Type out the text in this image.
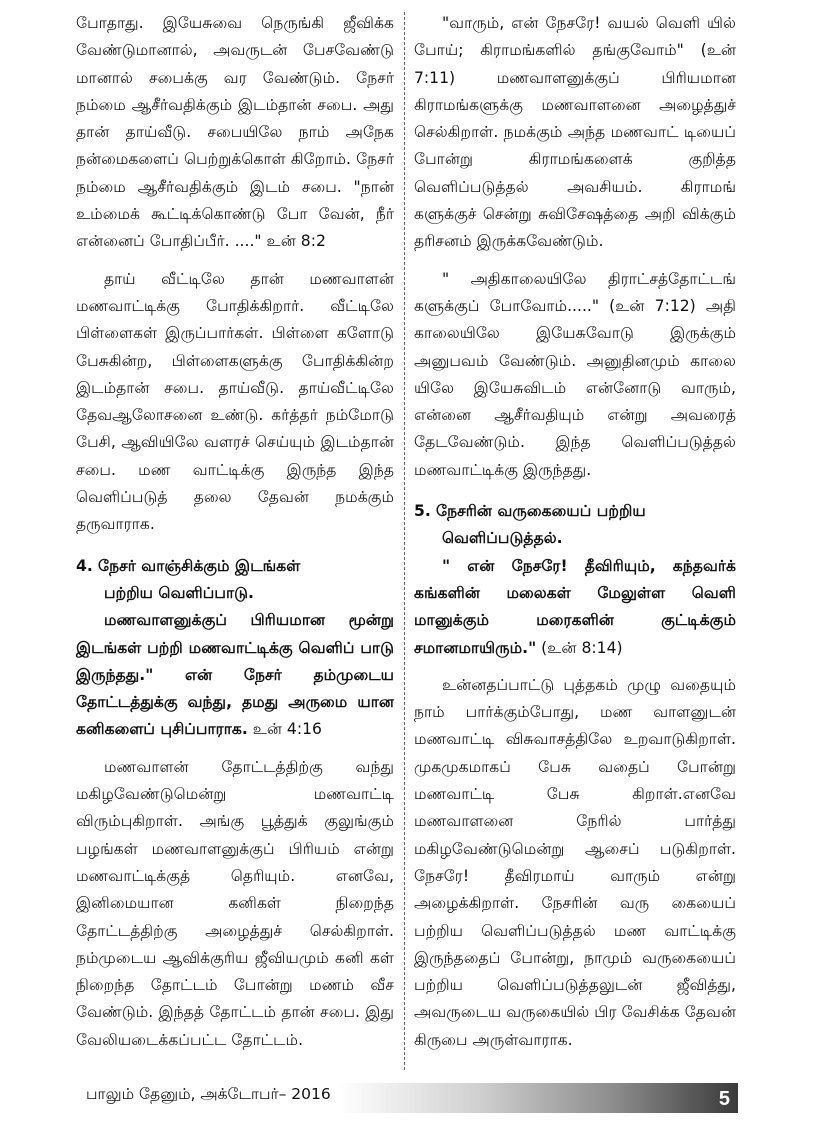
போதாது. இயேசுவை நெருங்கி ஜீவிக்க வேண்டுமானால், அவருடன் பேசவேண்டு மானால் சபைக்கு வர வேண்டும். நேசர் நம்மை ஆசீர்வதிக்கும் இடம்தான் சபை. அது தான் தாய்வீடு. சபையிலே நாம் அநேக நன்மைகளைப் பெற்றுக்கொள் கிறோம். நேசர் நம்மை ஆசீர்வதிக்கும் இடம் சபை. "நான் உம்மைக் கூட்டிக்கொண்டு போ வேன், நீர் என்னைப் போதிப்பீர். ...." உன் 8:2

தாய் வீட்டிலே தான் மணவாளன் மணவாட்டிக்கு போதிக்கிறார். வீட்டிலே பிள்ளைகள் இருப்பார்கள். பிள்ளை களோடு பேசுகின்ற, பிள்ளைகளுக்கு போதிக்கின்ற இடம்தான் சபை. தாய்வீடு. தாய்வீட்டிலே தேவஆலோசனை உண்டு. கர்த்தர் நம்மோடு பேசி, ஆவியிலே வளரச் செய்யும் இடம்தான் சபை. மண வாட்டிக்கு இருந்த இந்த வெளிப்படுத் தலை தேவன் நமக்கும் தருவாராக.

4. நேசர் வாஞ்சிக்கும் இடங்கள்

பற்றிய வெளிப்பாடு.

மணவாளனுக்குப் பிரியமான மூன்று இடங்கள் பற்றி மணவாட்டிக்கு வெளிப் பாடு இருந்தது." என் நேசர் தம்முடைய தோட்டத்துக்கு வந்து, தமது அருமை யான கனிகளைப் புசிப்பாராக. உன் 4:16

மணவாளன் தோட்டத்திற்கு வந்து மகிழவேண்டுமென்று மணவாட்டி விரும்புகிறாள். அங்கு பூத்துக் குலுங்கும் பழங்கள் மணவாளனுக்குப் பிரியம் என்று மணவாட்டிக்குத் தெரியும். எனவே, இனிமையான கனிகள் நிறைந்த தோட்டத்திற்கு அழைத்துச் செல்கிறாள். நம்முடைய ஆவிக்குரிய ஜீவியமும் கனி கள் நிறைந்த தோட்டம் போன்று மணம் வீச வேண்டும். இந்தத் தோட்டம் தான் சபை. இது வேலியடைக்கப்பட்ட தோட்டம்.

"வாரும், என் நேசரே! வயல் வெளி யில் போய்; கிராமங்களில் தங்குவோம்" (உன் 7:11) மணவாளனுக்குப் பிரியமான கிராமங்களுக்கு மணவாளனை அழைத்துச் செல்கிறாள். நமக்கும் அந்த மணவாட் டியைப் போன்று கிராமங்களைக் குறித்த வெளிப்படுத்தல் அவசியம். கிராமங் களுக்குச் சென்று சுவிசேஷத்தை அறி விக்கும் தரிசனம் இருக்கவேண்டும்.

" அதிகாலையிலே திராட்சத்தோட்டங் களுக்குப் போவோம்....." (உன் 7:12) அதி காலையிலே இயேசுவோடு இருக்கும் அனுபவம் வேண்டும். அனுதினமும் காலை யிலே இயேசுவிடம் என்னோடு வாரும், என்னை ஆசீர்வதியும் என்று அவரைத் தேடவேண்டும். இந்த வெளிப்படுத்தல் மணவாட்டிக்கு இருந்தது.

5. நேசரின் வருகையைப் பற்றிய

வெளிப்படுத்தல்.

" என் நேசரே! தீவிரியும், கந்தவர்க் கங்களின் மலைகள் மேலுள்ள வெளி மானுக்கும் மரைகளின் குட்டிக்கும் சமானமாயிரும்." (உன் 8:14)

உன்னதப்பாட்டு புத்தகம் முழு வதையும் நாம் பார்க்கும்போது, மண வாளனுடன் மணவாட்டி விசுவாசத்திலே உறவாடுகிறாள். முகமுகமாகப் பேசு வதைப் போன்று மணவாட்டி பேசு கிறாள்.எனவே மணவாளனை நேரில் பார்த்து மகிழவேண்டுமென்று ஆசைப் படுகிறாள். நேசரே! தீவிரமாய் வாரும் என்று அழைக்கிறாள். நேசரின் வரு கையைப் பற்றிய வெளிப்படுத்தல் மண வாட்டிக்கு இருந்ததைப் போன்று, நாமும் வருகையைப் பற்றிய வெளிப்படுத்தலுடன் ஜீவித்து, அவருடைய வருகையில் பிர வேசிக்க தேவன் கிருபை அருள்வாராக.

5
பாலும் தேனும், அக்டோபர்– 2016
